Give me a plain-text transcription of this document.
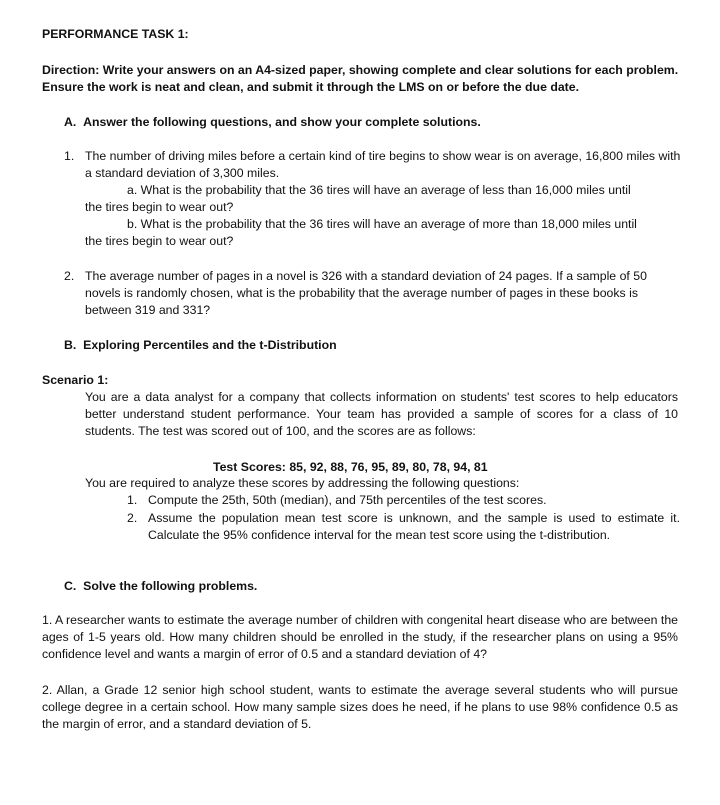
PERFORMANCE TASK 1:
Direction: Write your answers on an A4-sized paper, showing complete and clear solutions for each problem. Ensure the work is neat and clean, and submit it through the LMS on or before the due date.
A.  Answer the following questions, and show your complete solutions.
1. The number of driving miles before a certain kind of tire begins to show wear is on average, 16,800 miles with a standard deviation of 3,300 miles.
a. What is the probability that the 36 tires will have an average of less than 16,000 miles until
the tires begin to wear out?
b. What is the probability that the 36 tires will have an average of more than 18,000 miles until
the tires begin to wear out?
2. The average number of pages in a novel is 326 with a standard deviation of 24 pages. If a sample of 50 novels is randomly chosen, what is the probability that the average number of pages in these books is between 319 and 331?
B.  Exploring Percentiles and the t-Distribution
Scenario 1:
You are a data analyst for a company that collects information on students' test scores to help educators better understand student performance. Your team has provided a sample of scores for a class of 10 students. The test was scored out of 100, and the scores are as follows:
Test Scores: 85, 92, 88, 76, 95, 89, 80, 78, 94, 81
You are required to analyze these scores by addressing the following questions:
1. Compute the 25th, 50th (median), and 75th percentiles of the test scores.
2. Assume the population mean test score is unknown, and the sample is used to estimate it. Calculate the 95% confidence interval for the mean test score using the t-distribution.
C.  Solve the following problems.
1. A researcher wants to estimate the average number of children with congenital heart disease who are between the ages of 1-5 years old. How many children should be enrolled in the study, if the researcher plans on using a 95% confidence level and wants a margin of error of 0.5 and a standard deviation of 4?
2. Allan, a Grade 12 senior high school student, wants to estimate the average several students who will pursue college degree in a certain school. How many sample sizes does he need, if he plans to use 98% confidence 0.5 as the margin of error, and a standard deviation of 5.
